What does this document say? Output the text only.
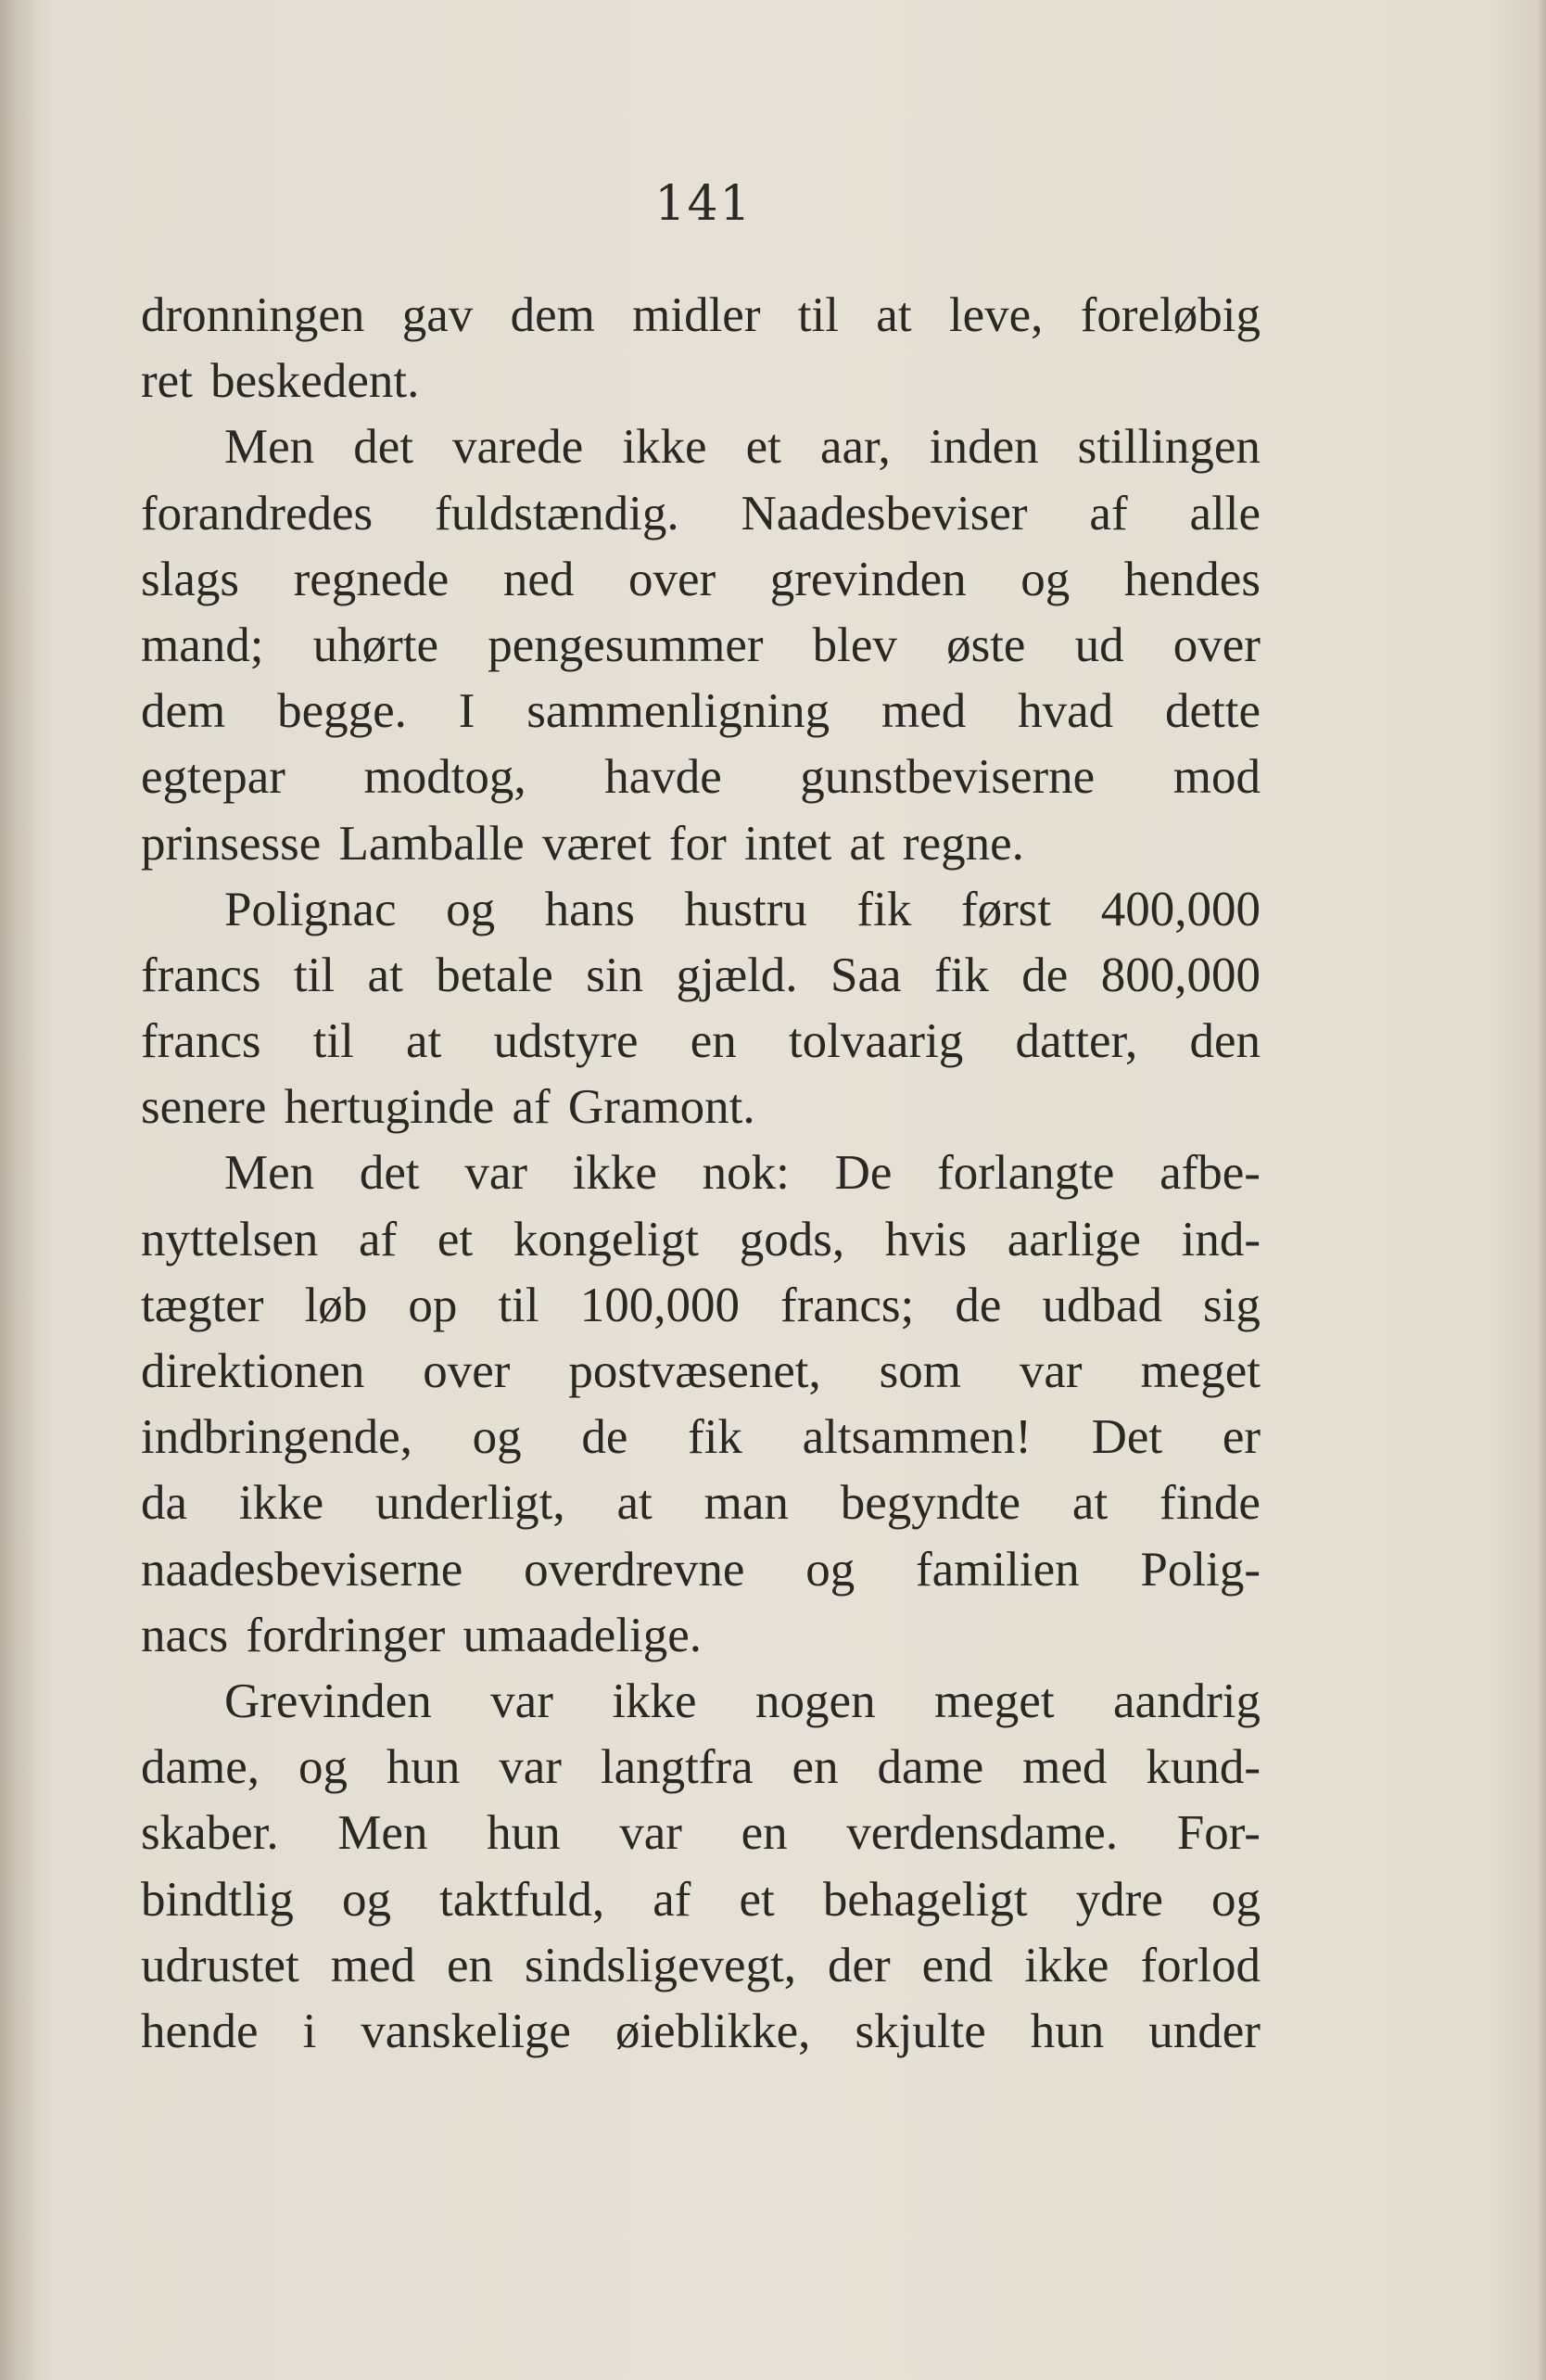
141
dronningen gav dem midler til at leve, foreløbig
ret beskedent.
Men det varede ikke et aar, inden stillingen
forandredes fuldstændig. Naadesbeviser af alle
slags regnede ned over grevinden og hendes
mand; uhørte pengesummer blev øste ud over
dem begge. I sammenligning med hvad dette
egtepar modtog, havde gunstbeviserne mod
prinsesse Lamballe været for intet at regne.
Polignac og hans hustru fik først 400,000
francs til at betale sin gjæld. Saa fik de 800,000
francs til at udstyre en tolvaarig datter, den
senere hertuginde af Gramont.
Men det var ikke nok: De forlangte afbe-
nyttelsen af et kongeligt gods, hvis aarlige ind-
tægter løb op til 100,000 francs; de udbad sig
direktionen over postvæsenet, som var meget
indbringende, og de fik altsammen! Det er
da ikke underligt, at man begyndte at finde
naadesbeviserne overdrevne og familien Polig-
nacs fordringer umaadelige.
Grevinden var ikke nogen meget aandrig
dame, og hun var langtfra en dame med kund-
skaber. Men hun var en verdensdame. For-
bindtlig og taktfuld, af et behageligt ydre og
udrustet med en sindsligevegt, der end ikke forlod
hende i vanskelige øieblikke, skjulte hun under
